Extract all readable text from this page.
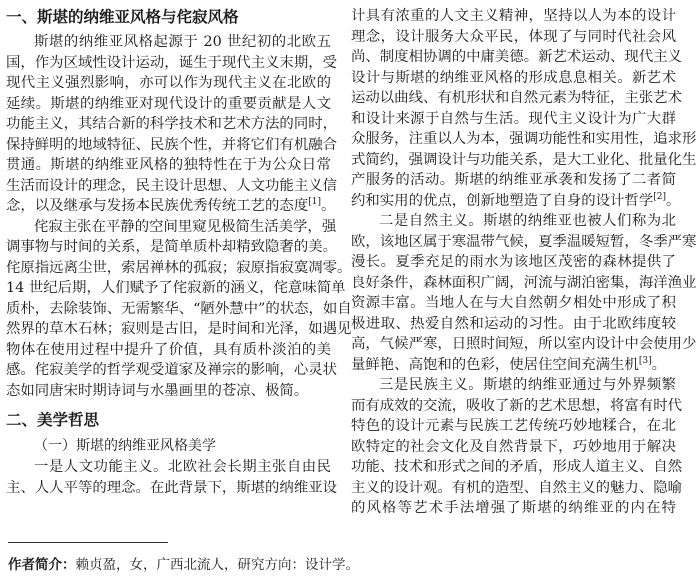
一、斯堪的纳维亚风格与侘寂风格
斯堪的纳维亚风格起源于 20 世纪初的北欧五
国，作为区域性设计运动，诞生于现代主义末期，受
现代主义强烈影响，亦可以作为现代主义在北欧的
延续。斯堪的纳维亚对现代设计的重要贡献是人文
功能主义，其结合新的科学技术和艺术方法的同时，
保持鲜明的地域特征、民族个性，并将它们有机融合
贯通。斯堪的纳维亚风格的独特性在于为公众日常
生活而设计的理念，民主设计思想、人文功能主义信
念，以及继承与发扬本民族优秀传统工艺的态度[1]。
侘寂主张在平静的空间里窥见极简生活美学，强
调事物与时间的关系，是简单质朴却精致隐奢的美。
侘原指远离尘世，索居禅林的孤寂；寂原指寂寞凋零。
14 世纪后期，人们赋予了侘寂新的涵义，侘意味简单
质朴，去除装饰、无需繁华、“陋外慧中”的状态，如自
然界的草木石林；寂则是古旧，是时间和光泽，如遇见
物体在使用过程中提升了价值，具有质朴淡泊的美
感。侘寂美学的哲学观受道家及禅宗的影响，心灵状
态如同唐宋时期诗词与水墨画里的苍凉、极简。
二、美学哲思
（一）斯堪的纳维亚风格美学
一是人文功能主义。北欧社会长期主张自由民
主、人人平等的理念。在此背景下，斯堪的纳维亚设
计具有浓重的人文主义精神，坚持以人为本的设计
理念，设计服务大众平民，体现了与同时代社会风
尚、制度相协调的中庸美德。新艺术运动、现代主义
设计与斯堪的纳维亚风格的形成息息相关。新艺术
运动以曲线、有机形状和自然元素为特征，主张艺术
和设计来源于自然与生活。现代主义设计为广大群
众服务，注重以人为本，强调功能性和实用性，追求形
式简约，强调设计与功能关系，是大工业化、批量化生
产服务的活动。斯堪的纳维亚承袭和发扬了二者简
约和实用的优点，创新地塑造了自身的设计哲学[2]。
二是自然主义。斯堪的纳维亚也被人们称为北
欧，该地区属于寒温带气候，夏季温暖短暂，冬季严寒
漫长。夏季充足的雨水为该地区茂密的森林提供了
良好条件，森林面积广阔，河流与湖泊密集，海洋渔业
资源丰富。当地人在与大自然朝夕相处中形成了积
极进取、热爱自然和运动的习性。由于北欧纬度较
高，气候严寒，日照时间短，所以室内设计中会使用少
量鲜艳、高饱和的色彩，使居住空间充满生机[3]。
三是民族主义。斯堪的纳维亚通过与外界频繁
而有成效的交流，吸收了新的艺术思想，将富有时代
特色的设计元素与民族工艺传统巧妙地糅合，在北
欧特定的社会文化及自然背景下，巧妙地用于解决
功能、技术和形式之间的矛盾，形成人道主义、自然
主义的设计观。有机的造型、自然主义的魅力、隐喻
的风格等艺术手法增强了斯堪的纳维亚的内在特
作者简介：赖贞盈，女，广西北流人，研究方向：设计学。
